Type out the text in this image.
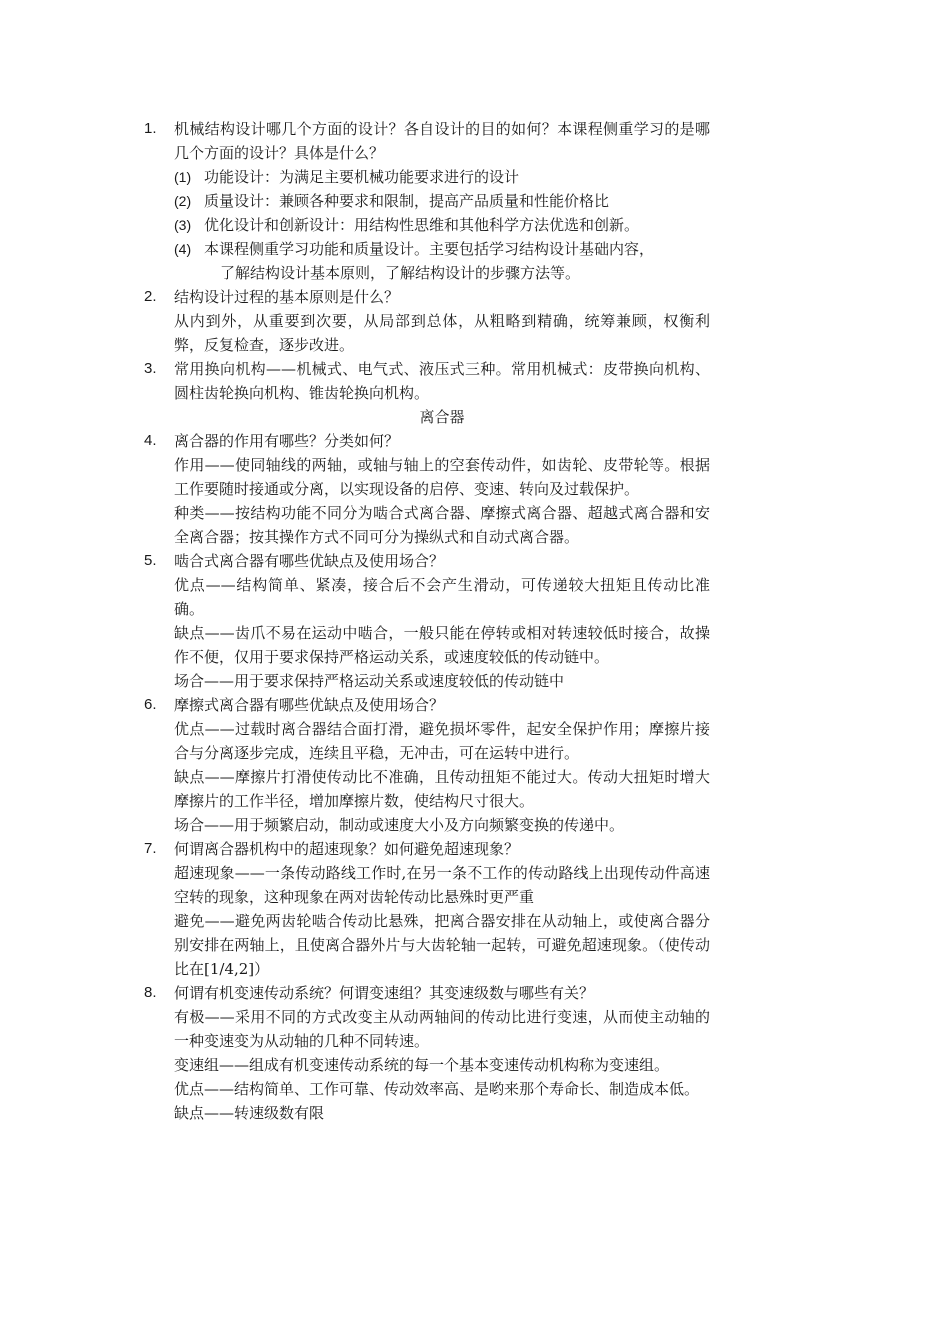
1. 机械结构设计哪几个方面的设计？各自设计的目的如何？本课程侧重学习的是哪几个方面的设计？具体是什么？

(1) 功能设计：为满足主要机械功能要求进行的设计

(2) 质量设计：兼顾各种要求和限制，提高产品质量和性能价格比

(3) 优化设计和创新设计：用结构性思维和其他科学方法优选和创新。

(4) 本课程侧重学习功能和质量设计。主要包括学习结构设计基础内容，

了解结构设计基本原则，了解结构设计的步骤方法等。

2. 结构设计过程的基本原则是什么？

从内到外，从重要到次要，从局部到总体，从粗略到精确，统筹兼顾，权衡利弊，反复检查，逐步改进。

3. 常用换向机构——机械式、电气式、液压式三种。常用机械式：皮带换向机构、圆柱齿轮换向机构、锥齿轮换向机构。

离合器

4. 离合器的作用有哪些？分类如何？

作用——使同轴线的两轴，或轴与轴上的空套传动件，如齿轮、皮带轮等。根据工作要随时接通或分离，以实现设备的启停、变速、转向及过载保护。

种类——按结构功能不同分为啮合式离合器、摩擦式离合器、超越式离合器和安全离合器；按其操作方式不同可分为操纵式和自动式离合器。

5. 啮合式离合器有哪些优缺点及使用场合？

优点——结构简单、紧凑，接合后不会产生滑动，可传递较大扭矩且传动比准确。

缺点——齿爪不易在运动中啮合，一般只能在停转或相对转速较低时接合，故操作不便，仅用于要求保持严格运动关系，或速度较低的传动链中。

场合——用于要求保持严格运动关系或速度较低的传动链中

6. 摩擦式离合器有哪些优缺点及使用场合？

优点——过载时离合器结合面打滑，避免损坏零件，起安全保护作用；摩擦片接合与分离逐步完成，连续且平稳，无冲击，可在运转中进行。

缺点——摩擦片打滑使传动比不准确，且传动扭矩不能过大。传动大扭矩时增大摩擦片的工作半径，增加摩擦片数，使结构尺寸很大。

场合——用于频繁启动，制动或速度大小及方向频繁变换的传递中。

7. 何谓离合器机构中的超速现象？如何避免超速现象？

超速现象——一条传动路线工作时,在另一条不工作的传动路线上出现传动件高速空转的现象，这种现象在两对齿轮传动比悬殊时更严重

避免——避免两齿轮啮合传动比悬殊，把离合器安排在从动轴上，或使离合器分别安排在两轴上，且使离合器外片与大齿轮轴一起转，可避免超速现象。（使传动比在[1/4,2]）

8. 何谓有机变速传动系统？何谓变速组？其变速级数与哪些有关？

有极——采用不同的方式改变主从动两轴间的传动比进行变速，从而使主动轴的一种变速变为从动轴的几种不同转速。

变速组——组成有机变速传动系统的每一个基本变速传动机构称为变速组。

优点——结构简单、工作可靠、传动效率高、是哟来那个寿命长、制造成本低。

缺点——转速级数有限
